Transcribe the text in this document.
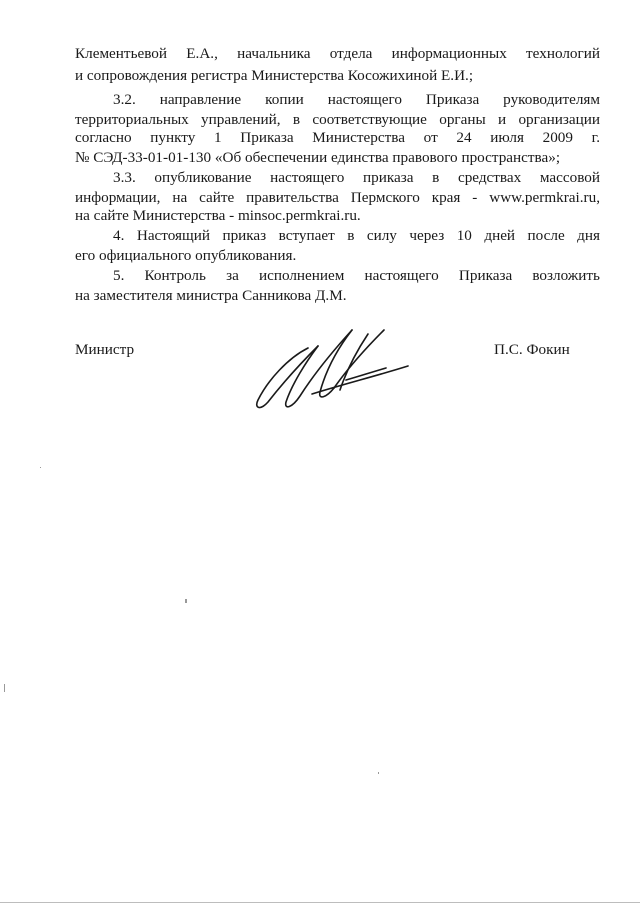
Клементьевой Е.А., начальника отдела информационных технологий
и сопровождения регистра Министерства Косожихиной Е.И.;
3.2. направление копии настоящего Приказа руководителям
территориальных управлений, в соответствующие органы и организации
согласно пункту 1 Приказа Министерства от 24 июля 2009 г.
№ СЭД-33-01-01-130 «Об обеспечении единства правового пространства»;
3.3. опубликование настоящего приказа в средствах массовой
информации, на сайте правительства Пермского края - www.permkrai.ru,
на сайте Министерства - minsoc.permkrai.ru.
4. Настоящий приказ вступает в силу через 10 дней после дня
его официального опубликования.
5. Контроль за исполнением настоящего Приказа возложить
на заместителя министра Санникова Д.М.
Министр	П.С. Фокин
